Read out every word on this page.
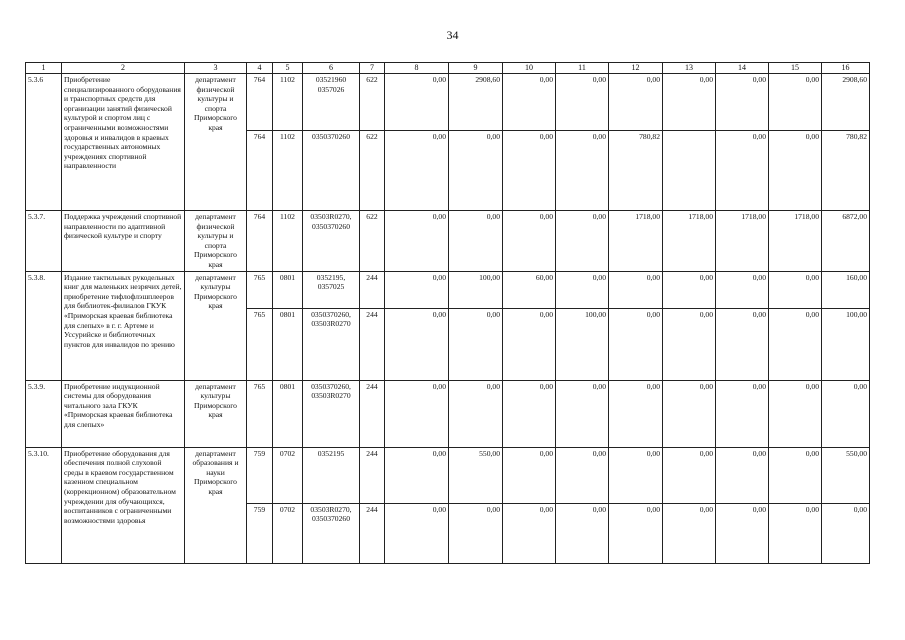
34
1	2	3	4	5	6	7	8	9	10	11	12	13	14	15	16
5.3.6	Приобретение специализированного оборудования и транспортных средств для организации занятий физической культурой и спортом лиц с ограниченными возможностями здоровья и инвалидов в краевых государственных автономных учреждениях спортивной направленности	департамент физической культуры и спорта Приморского края	764	1102	03521960 0357026	622	0,00	2908,60	0,00	0,00	0,00	0,00	0,00	0,00	2908,60
			764	1102	0350370260	622	0,00	0,00	0,00	0,00	780,82		0,00	0,00	780,82
5.3.7.	Поддержка учреждений спортивной направленности по адаптивной физической культуре и спорту	департамент физической культуры и спорта Приморского края	764	1102	03503R0270, 0350370260	622	0,00	0,00	0,00	0,00	1718,00	1718,00	1718,00	1718,00	6872,00
5.3.8.	Издание тактильных рукодельных книг для маленьких незрячих детей, приобретение тифлофлэшплееров для библиотек-филиалов ГКУК «Приморская краевая библиотека для слепых» в г. г. Артеме и Уссурийске и библиотечных пунктов для инвалидов по зрению	департамент культуры Приморского края	765	0801	0352195, 0357025	244	0,00	100,00	60,00	0,00	0,00	0,00	0,00	0,00	160,00
			765	0801	0350370260, 03503R0270	244	0,00	0,00	0,00	100,00	0,00	0,00	0,00	0,00	100,00
5.3.9.	Приобретение индукционной системы для оборудования читального зала ГКУК «Приморская краевая библиотека для слепых»	департамент культуры Приморского края	765	0801	0350370260, 03503R0270	244	0,00	0,00	0,00	0,00	0,00	0,00	0,00	0,00	0,00
5.3.10.	Приобретение оборудования для обеспечения полной слуховой среды в краевом государственном казенном специальном (коррекционном) образовательном учреждении для обучающихся, воспитанников с ограниченными возможностями здоровья	департамент образования и науки Приморского края	759	0702	0352195	244	0,00	550,00	0,00	0,00	0,00	0,00	0,00	0,00	550,00
			759	0702	03503R0270, 0350370260	244	0,00	0,00	0,00	0,00	0,00	0,00	0,00	0,00	0,00
